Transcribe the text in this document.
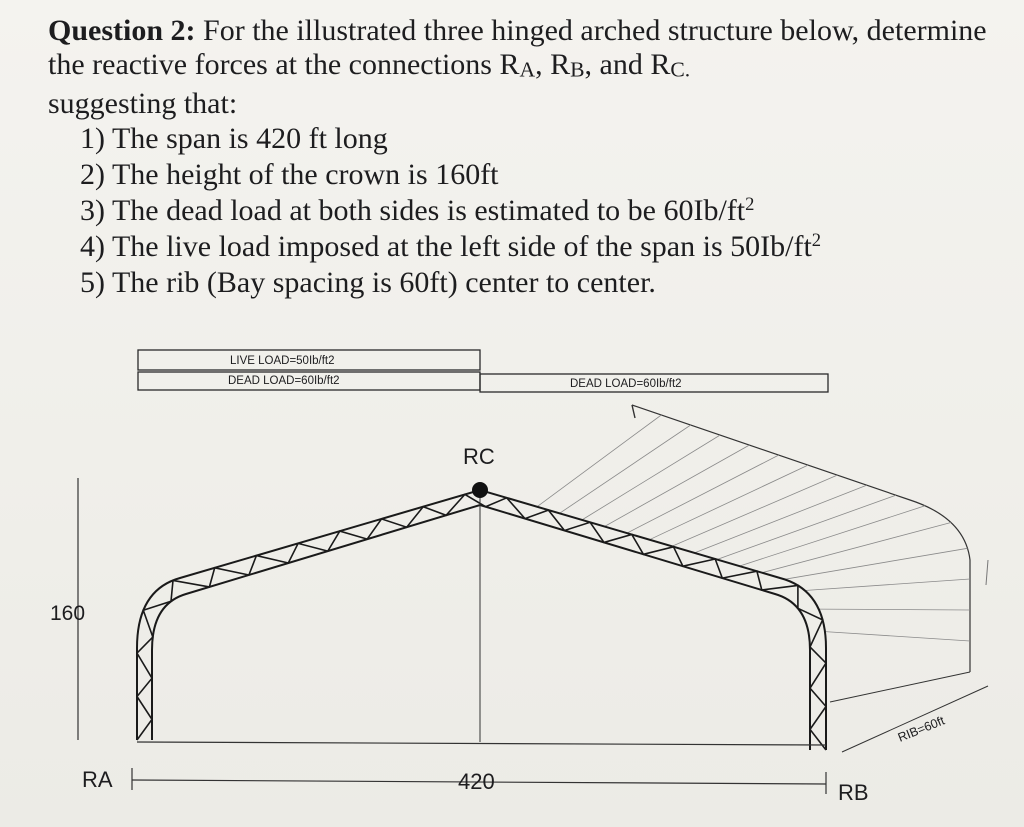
Question 2: For the illustrated three hinged arched structure below, determine the reactive forces at the connections RA, RB, and RC.
suggesting that:
1) The span is 420 ft long
2) The height of the crown is 160ft
3) The dead load at both sides is estimated to be $60Ib/ft^2$
4) The live load imposed at the left side of the span is $50Ib/ft^2$
5) The rib (Bay spacing is 60ft) center to center.
LIVE LOAD=50Ib/ft2
DEAD LOAD=60Ib/ft2	DEAD LOAD=60Ib/ft2
RC
160
420
RA
RB
RIB=60ft
